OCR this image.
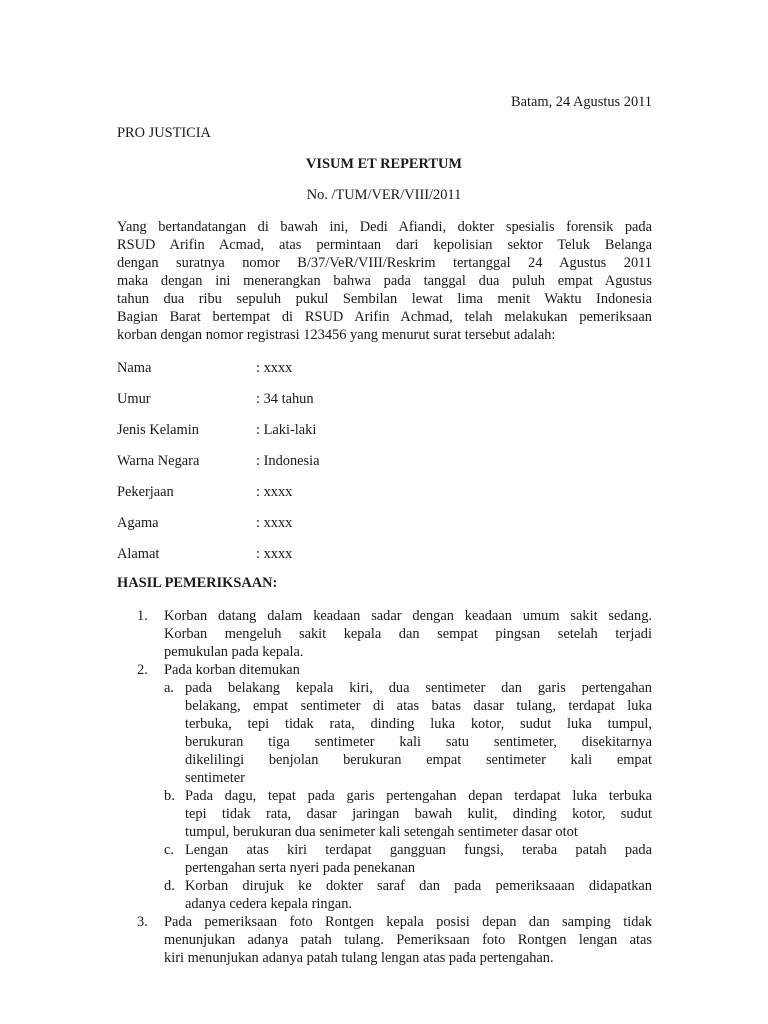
Batam, 24 Agustus 2011
PRO JUSTICIA
VISUM ET REPERTUM
No. /TUM/VER/VIII/2011

Yang bertandatangan di bawah ini, Dedi Afiandi, dokter spesialis forensik pada

RSUD Arifin Acmad, atas permintaan dari kepolisian sektor Teluk Belanga

dengan suratnya nomor B/37/VeR/VIII/Reskrim tertanggal 24 Agustus 2011

maka dengan ini menerangkan bahwa pada tanggal dua puluh empat Agustus

tahun dua ribu sepuluh pukul Sembilan lewat lima menit Waktu Indonesia

Bagian Barat bertempat di RSUD Arifin Achmad, telah melakukan pemeriksaan

korban dengan nomor registrasi 123456 yang menurut surat tersebut adalah:

Nama	: xxxx
Umur	: 34 tahun
Jenis Kelamin	: Laki-laki
Warna Negara	: Indonesia
Pekerjaan	: xxxx
Agama	: xxxx
Alamat	: xxxx
HASIL PEMERIKSAAN:
1. Korban datang dalam keadaan sadar dengan keadaan umum sakit sedang.

Korban mengeluh sakit kepala dan sempat pingsan setelah terjadi

pemukulan pada kepala.

2. Pada korban ditemukan

a. pada belakang kepala kiri, dua sentimeter dan garis pertengahan

belakang, empat sentimeter di atas batas dasar tulang, terdapat luka

terbuka, tepi tidak rata, dinding luka kotor, sudut luka tumpul,

berukuran tiga sentimeter kali satu sentimeter, disekitarnya

dikelilingi benjolan berukuran empat sentimeter kali empat

sentimeter

b. Pada dagu, tepat pada garis pertengahan depan terdapat luka terbuka

tepi tidak rata, dasar jaringan bawah kulit, dinding kotor, sudut

tumpul, berukuran dua senimeter kali setengah sentimeter dasar otot

c. Lengan atas kiri terdapat gangguan fungsi, teraba patah pada

pertengahan serta nyeri pada penekanan

d. Korban dirujuk ke dokter saraf dan pada pemeriksaaan didapatkan

adanya cedera kepala ringan.

3. Pada pemeriksaan foto Rontgen kepala posisi depan dan samping tidak

menunjukan adanya patah tulang. Pemeriksaan foto Rontgen lengan atas

kiri menunjukan adanya patah tulang lengan atas pada pertengahan.
